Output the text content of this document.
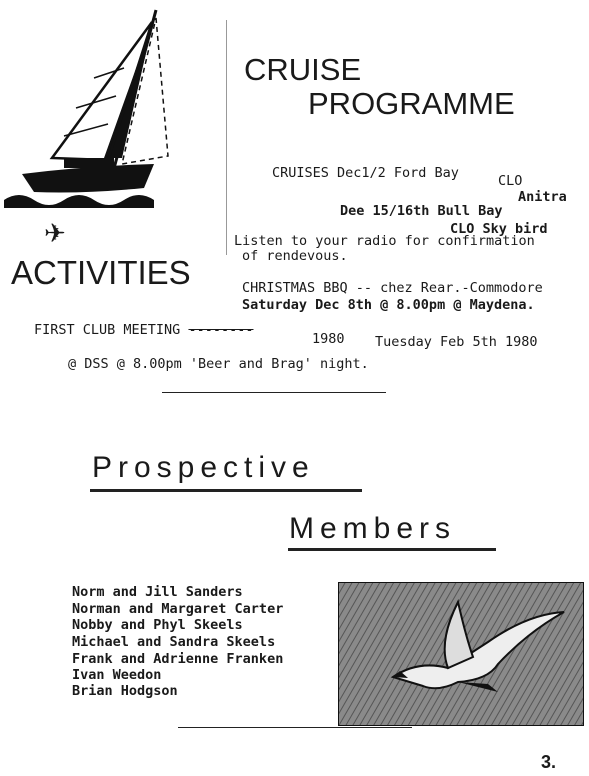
CRUISE
PROGRAMME
✈
ACTIVITIES
CRUISES Dec1/2 Ford Bay	CLO
Anitra
Dee 15/16th Bull Bay
CLO Sky bird
Listen to your radio for confirmation
of rendevous.
CHRISTMAS BBQ -- chez Rear.-Commodore
Saturday Dec 8th @ 8.00pm @ Maydena.
FIRST CLUB MEETING --------
1980 Tuesday Feb 5th 1980
@ DSS @ 8.00pm 'Beer and Brag' night.
Prospective
Members
Norm and Jill Sanders
Norman and Margaret Carter
Nobby and Phyl Skeels
Michael and Sandra Skeels
Frank and Adrienne Franken
Ivan Weedon
Brian Hodgson
3.
